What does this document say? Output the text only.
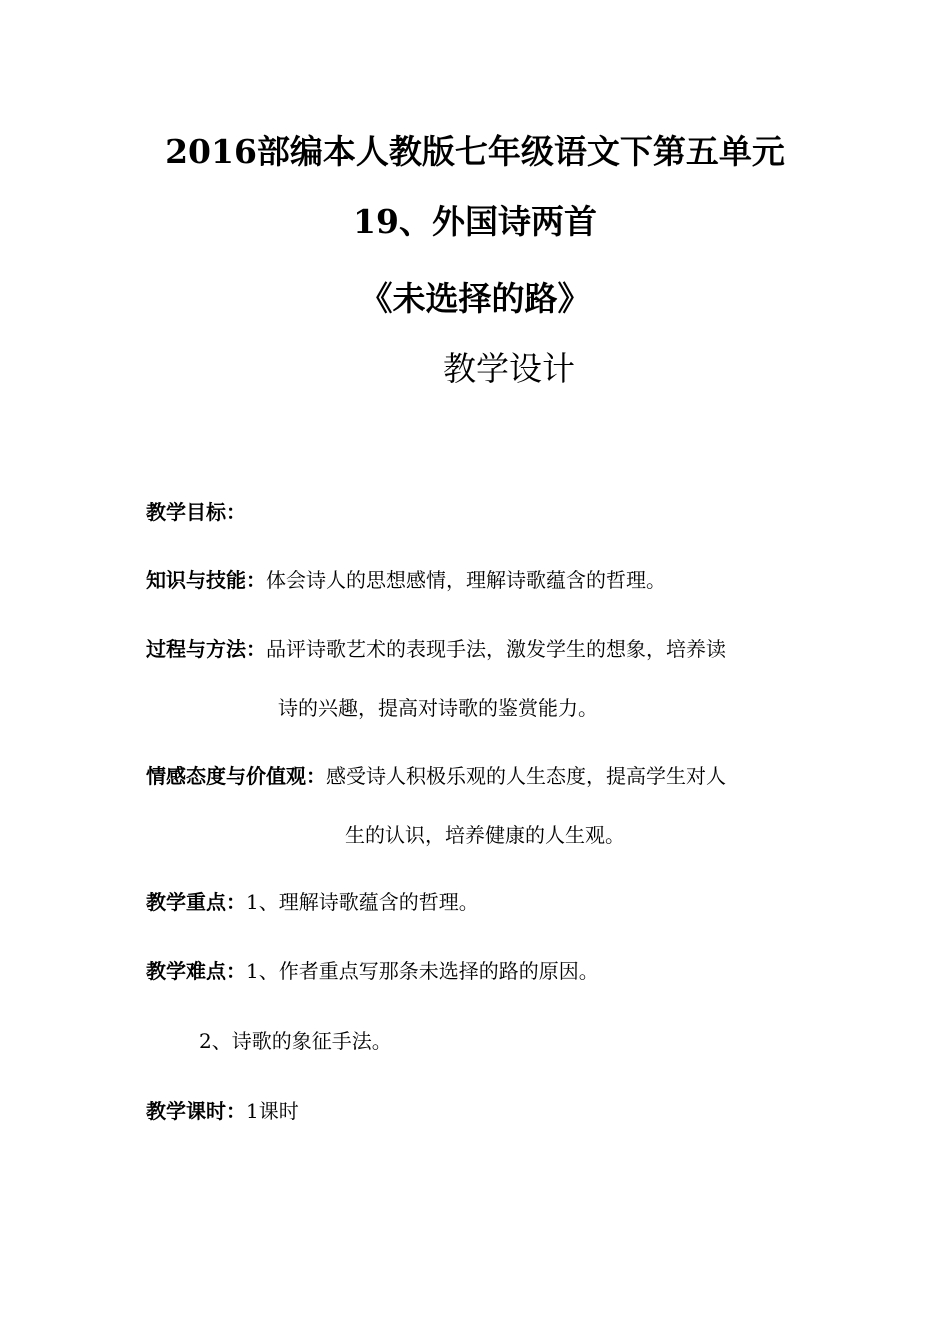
2016部编本人教版七年级语文下第五单元
19、外国诗两首
《未选择的路》
教学设计
教学目标：
知识与技能：体会诗人的思想感情，理解诗歌蕴含的哲理。
过程与方法：品评诗歌艺术的表现手法，激发学生的想象，培养读
诗的兴趣，提高对诗歌的鉴赏能力。
情感态度与价值观：感受诗人积极乐观的人生态度，提高学生对人
生的认识，培养健康的人生观。
教学重点：1、理解诗歌蕴含的哲理。
教学难点：1、作者重点写那条未选择的路的原因。
2、诗歌的象征手法。
教学课时：1课时
